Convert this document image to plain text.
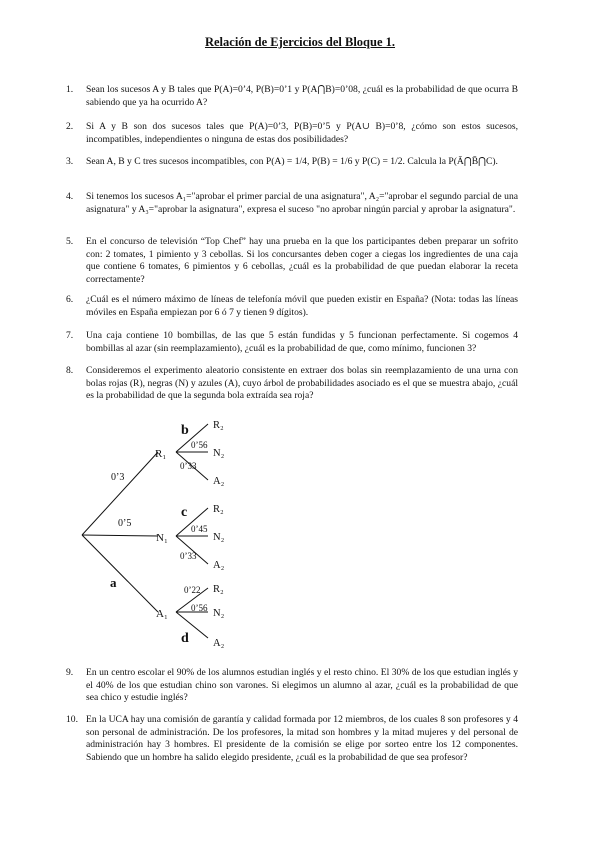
Relación de Ejercicios del Bloque 1.
1. Sean los sucesos A y B tales que P(A)=0’4, P(B)=0’1 y P(A⋂B)=0’08, ¿cuál es la probabilidad de que ocurra B sabiendo que ya ha ocurrido A?
2. Si A y B son dos sucesos tales que P(A)=0’3, P(B)=0’5 y P(A∪ B)=0’8, ¿cómo son estos sucesos, incompatibles, independientes o ninguna de estas dos posibilidades?
3. Sean A, B y C tres sucesos incompatibles, con P(A) = 1/4, P(B) = 1/6 y P(C) = 1/2. Calcula la P(Ā⋂B̄⋂C).
4. Si tenemos los sucesos A₁="aprobar el primer parcial de una asignatura", A₂="aprobar el segundo parcial de una asignatura" y A₃="aprobar la asignatura", expresa el suceso "no aprobar ningún parcial y aprobar la asignatura".
5. En el concurso de televisión “Top Chef” hay una prueba en la que los participantes deben preparar un sofrito con: 2 tomates, 1 pimiento y 3 cebollas. Si los concursantes deben coger a ciegas los ingredientes de una caja que contiene 6 tomates, 6 pimientos y 6 cebollas, ¿cuál es la probabilidad de que puedan elaborar la receta correctamente?
6. ¿Cuál es el número máximo de líneas de telefonía móvil que pueden existir en España? (Nota: todas las líneas móviles en España empiezan por 6 ó 7 y tienen 9 dígitos).
7. Una caja contiene 10 bombillas, de las que 5 están fundidas y 5 funcionan perfectamente. Si cogemos 4 bombillas al azar (sin reemplazamiento), ¿cuál es la probabilidad de que, como mínimo, funcionen 3?
8. Consideremos el experimento aleatorio consistente en extraer dos bolas sin reemplazamiento de una urna con bolas rojas (R), negras (N) y azules (A), cuyo árbol de probabilidades asociado es el que se muestra abajo, ¿cuál es la probabilidad de que la segunda bola extraída sea roja?
R₁
N₁
A₁
R₂
N₂
A₂
R₂
N₂
A₂
R₂
N₂
A₂
0’3
0’5
a
b
c
d
0’56
0’33
0’45
0’33
0’22
0’56
9. En un centro escolar el 90% de los alumnos estudian inglés y el resto chino. El 30% de los que estudian inglés y el 40% de los que estudian chino son varones. Si elegimos un alumno al azar, ¿cuál es la probabilidad de que sea chico y estudie inglés?
10. En la UCA hay una comisión de garantía y calidad formada por 12 miembros, de los cuales 8 son profesores y 4 son personal de administración. De los profesores, la mitad son hombres y la mitad mujeres y del personal de administración hay 3 hombres. El presidente de la comisión se elige por sorteo entre los 12 componentes. Sabiendo que un hombre ha salido elegido presidente, ¿cuál es la probabilidad de que sea profesor?
